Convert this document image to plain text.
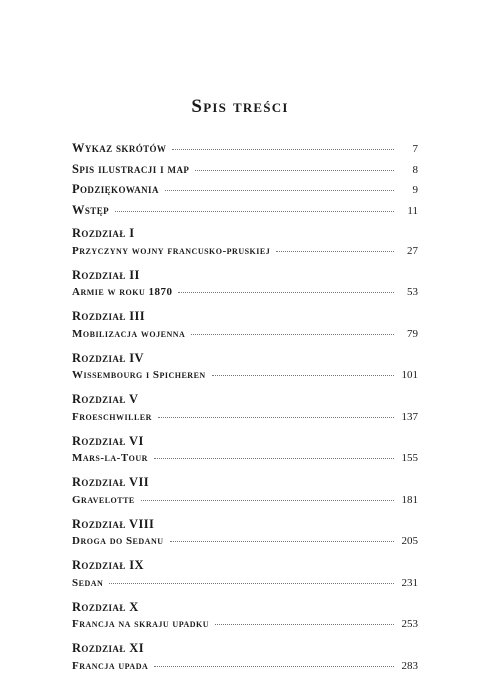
Spis treści
Wykaz skrótów	7
Spis ilustracji i map	8
Podziękowania	9
Wstęp	11
Rozdział I
Przyczyny wojny francusko-pruskiej	27
Rozdział II
Armie w roku 1870	53
Rozdział III
Mobilizacja wojenna	79
Rozdział IV
Wissembourg i Spicheren	101
Rozdział V
Froeschwiller	137
Rozdział VI
Mars-la-Tour	155
Rozdział VII
Gravelotte	181
Rozdział VIII
Droga do Sedanu	205
Rozdział IX
Sedan	231
Rozdział X
Francja na skraju upadku	253
Rozdział XI
Francja upada	283
